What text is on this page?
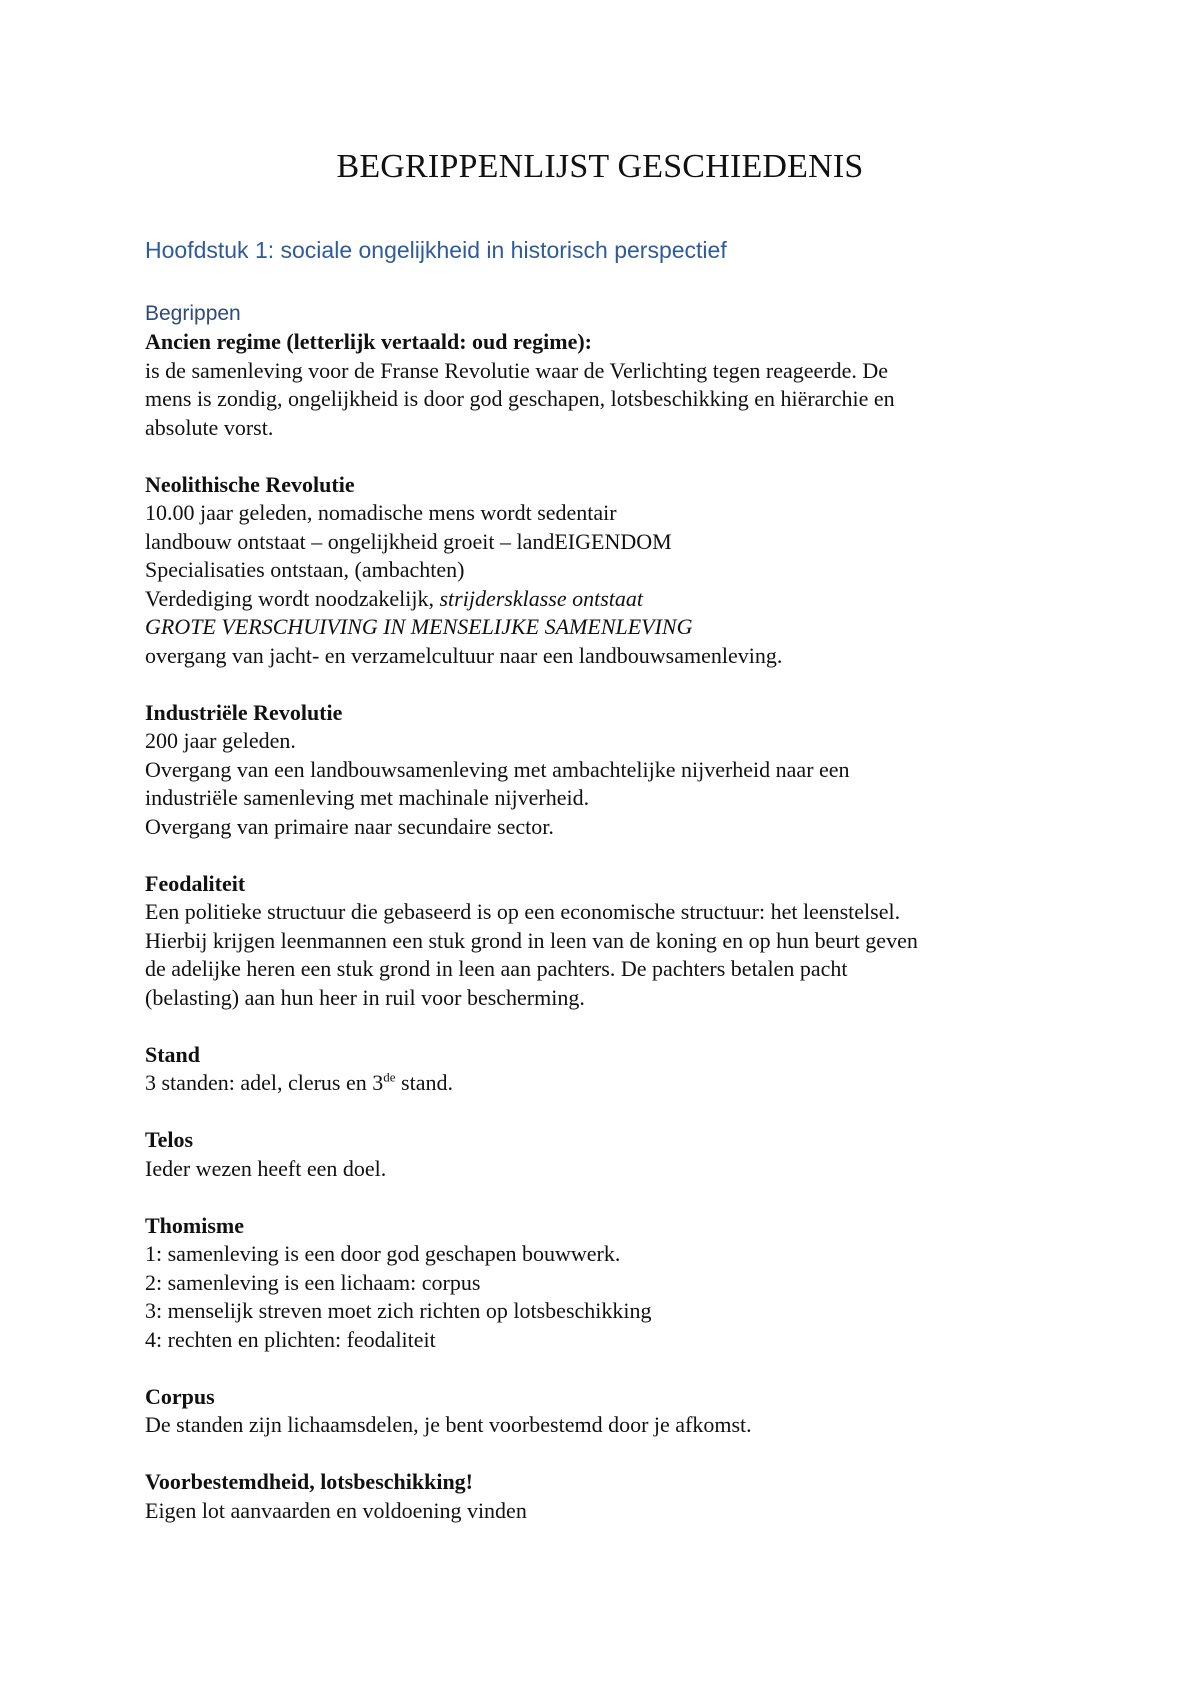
BEGRIPPENLIJST GESCHIEDENIS
Hoofdstuk 1: sociale ongelijkheid in historisch perspectief
Begrippen

Ancien regime (letterlijk vertaald: oud regime):

is de samenleving voor de Franse Revolutie waar de Verlichting tegen reageerde. De

mens is zondig, ongelijkheid is door god geschapen, lotsbeschikking en hiërarchie en

absolute vorst.

Neolithische Revolutie

10.00 jaar geleden, nomadische mens wordt sedentair

landbouw ontstaat – ongelijkheid groeit – landEIGENDOM

Specialisaties ontstaan, (ambachten)

Verdediging wordt noodzakelijk, strijdersklasse ontstaat

GROTE VERSCHUIVING IN MENSELIJKE SAMENLEVING

overgang van jacht- en verzamelcultuur naar een landbouwsamenleving.

Industriële Revolutie

200 jaar geleden.

Overgang van een landbouwsamenleving met ambachtelijke nijverheid naar een

industriële samenleving met machinale nijverheid.

Overgang van primaire naar secundaire sector.

Feodaliteit

Een politieke structuur die gebaseerd is op een economische structuur: het leenstelsel.

Hierbij krijgen leenmannen een stuk grond in leen van de koning en op hun beurt geven

de adelijke heren een stuk grond in leen aan pachters. De pachters betalen pacht

(belasting) aan hun heer in ruil voor bescherming.

Stand

3 standen: adel, clerus en 3de stand.

Telos

Ieder wezen heeft een doel.

Thomisme

1: samenleving is een door god geschapen bouwwerk.

2: samenleving is een lichaam: corpus

3: menselijk streven moet zich richten op lotsbeschikking

4: rechten en plichten: feodaliteit

Corpus

De standen zijn lichaamsdelen, je bent voorbestemd door je afkomst.

Voorbestemdheid, lotsbeschikking!

Eigen lot aanvaarden en voldoening vinden
